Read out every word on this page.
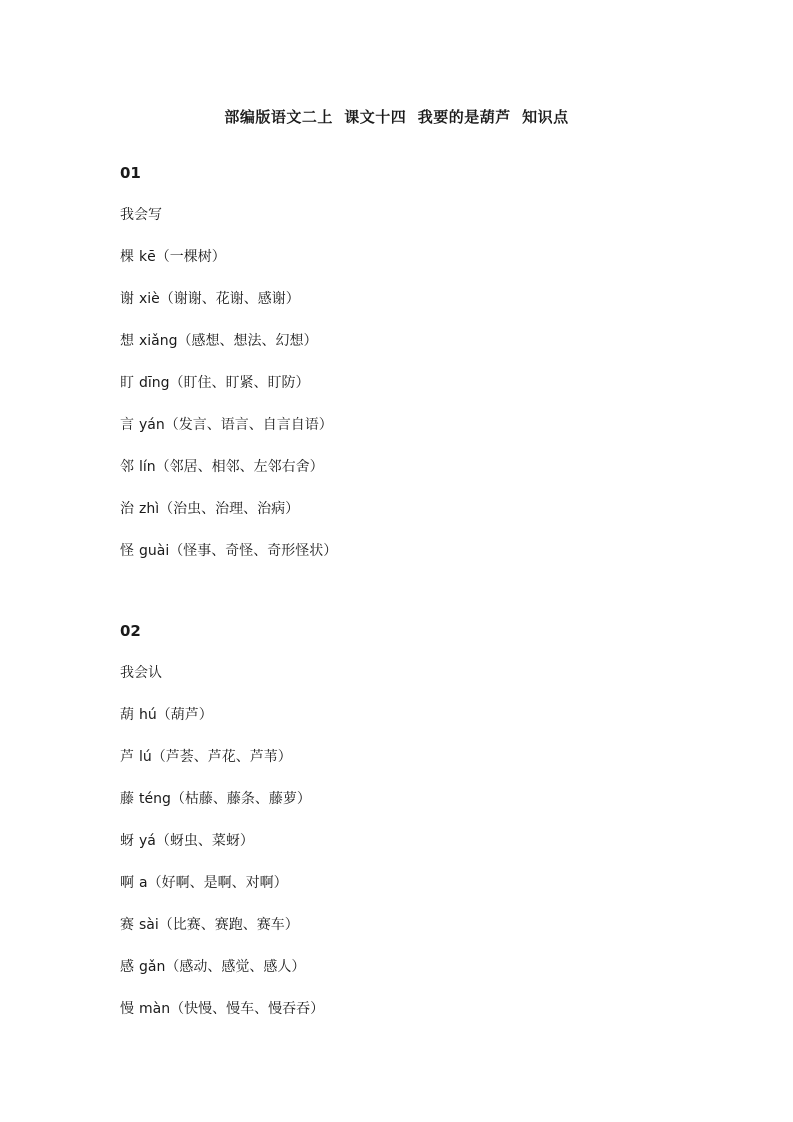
部编版语文二上  课文十四  我要的是葫芦  知识点
01
我会写
棵 kē（一棵树）
谢 xiè（谢谢、花谢、感谢）
想 xiǎng（感想、想法、幻想）
盯 dīng（盯住、盯紧、盯防）
言 yán（发言、语言、自言自语）
邻 lín（邻居、相邻、左邻右舍）
治 zhì（治虫、治理、治病）
怪 guài（怪事、奇怪、奇形怪状）
02
我会认
葫 hú（葫芦）
芦 lú（芦荟、芦花、芦苇）
藤 téng（枯藤、藤条、藤萝）
蚜 yá（蚜虫、菜蚜）
啊 a（好啊、是啊、对啊）
赛 sài（比赛、赛跑、赛车）
感 gǎn（感动、感觉、感人）
慢 màn（快慢、慢车、慢吞吞）
